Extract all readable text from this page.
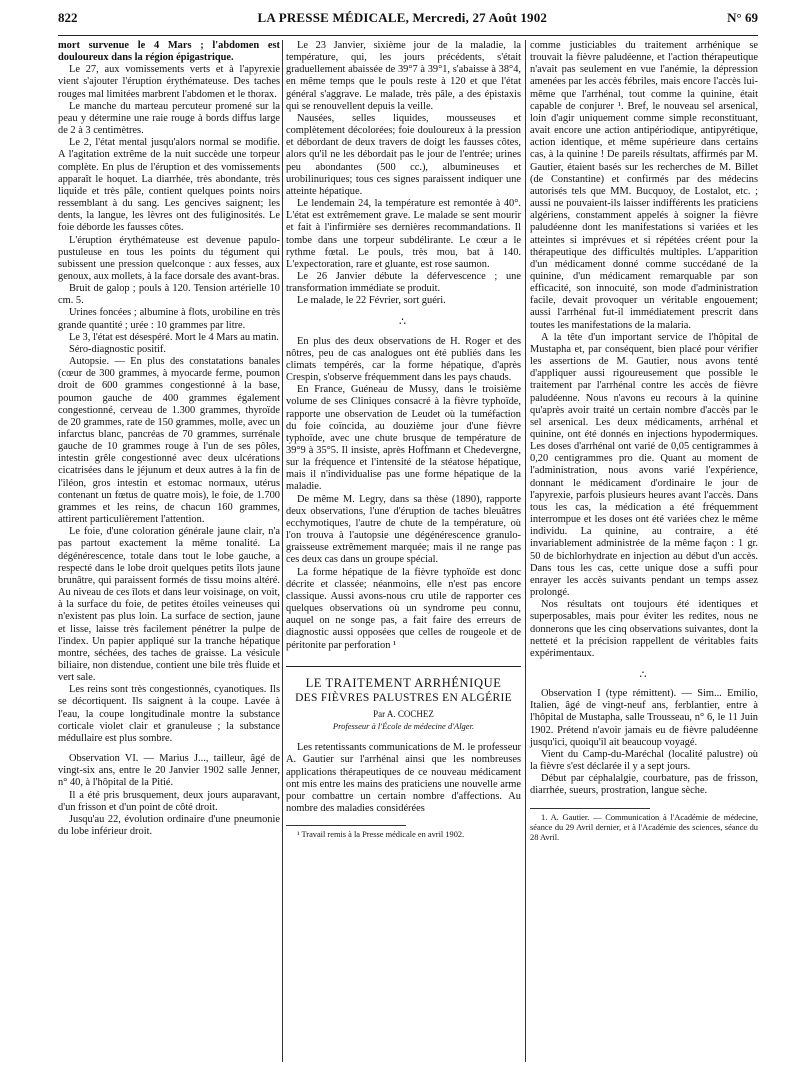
822	LA PRESSE MÉDICALE, Mercredi, 27 Août 1902	N° 69

mort survenue le 4 Mars ; l'abdomen est douloureux dans la région épigastrique.

Le 27, aux vomissements verts et à l'apyrexie vient s'ajouter l'éruption érythémateuse. Des taches rouges mal limitées marbrent l'abdomen et le thorax.

Le manche du marteau percuteur promené sur la peau y détermine une raie rouge à bords diffus large de 2 à 3 centimètres.

Le 2, l'état mental jusqu'alors normal se modifie. A l'agitation extrême de la nuit succède une torpeur complète. En plus de l'éruption et des vomissements apparaît le hoquet. La diarrhée, très abondante, très liquide et très pâle, contient quelques points noirs ressemblant à du sang. Les gencives saignent; les dents, la langue, les lèvres ont des fuliginosités. Le foie déborde les fausses côtes.

L'éruption érythémateuse est devenue papulo-pustuleuse en tous les points du tégument qui subissent une pression quelconque : aux fesses, aux genoux, aux mollets, à la face dorsale des avant-bras.

Bruit de galop ; pouls à 120. Tension artérielle 10 cm. 5.

Urines foncées ; albumine à flots, urobiline en très grande quantité ; urée : 10 grammes par litre.

Le 3, l'état est désespéré. Mort le 4 Mars au matin.

Séro-diagnostic positif.

Autopsie. — En plus des constatations banales (cœur de 300 grammes, à myocarde ferme, poumon droit de 600 grammes congestionné à la base, poumon gauche de 400 grammes également congestionné, cerveau de 1.300 grammes, thyroïde de 20 grammes, rate de 150 grammes, molle, avec un infarctus blanc, pancréas de 70 grammes, surrénale gauche de 10 grammes rouge à l'un de ses pôles, intestin grêle congestionné avec deux ulcérations cicatrisées dans le jéjunum et deux autres à la fin de l'iléon, gros intestin et estomac normaux, utérus contenant un fœtus de quatre mois), le foie, de 1.700 grammes et les reins, de chacun 160 grammes, attirent particulièrement l'attention.

Le foie, d'une coloration générale jaune clair, n'a pas partout exactement la même tonalité. La dégénérescence, totale dans tout le lobe gauche, a respecté dans le lobe droit quelques petits îlots jaune brunâtre, qui paraissent formés de tissu moins altéré. Au niveau de ces îlots et dans leur voisinage, on voit, à la surface du foie, de petites étoiles veineuses qui n'existent pas plus loin. La surface de section, jaune et lisse, laisse très facilement pénétrer la pulpe de l'index. Un papier appliqué sur la tranche hépatique montre, séchées, des taches de graisse. La vésicule biliaire, non distendue, contient une bile très fluide et vert sale.

Les reins sont très congestionnés, cyanotiques. Ils se décortiquent. Ils saignent à la coupe. Lavée à l'eau, la coupe longitudinale montre la substance corticale violet clair et granuleuse ; la substance médullaire est plus sombre.

Observation VI. — Marius J..., tailleur, âgé de vingt-six ans, entre le 20 Janvier 1902 salle Jenner, n° 40, à l'hôpital de la Pitié.

Il a été pris brusquement, deux jours auparavant, d'un frisson et d'un point de côté droit.

Jusqu'au 22, évolution ordinaire d'une pneumonie du lobe inférieur droit.

Le 23 Janvier, sixième jour de la maladie, la température, qui, les jours précédents, s'était graduellement abaissée de 39°7 à 39°1, s'abaisse à 38°4, en même temps que le pouls reste à 120 et que l'état général s'aggrave. Le malade, très pâle, a des épistaxis qui se renouvellent depuis la veille.

Nausées, selles liquides, mousseuses et complètement décolorées; foie douloureux à la pression et débordant de deux travers de doigt les fausses côtes, alors qu'il ne les débordait pas le jour de l'entrée; urines peu abondantes (500 cc.), albumineuses et urobilinuriques; tous ces signes paraissent indiquer une atteinte hépatique.

Le lendemain 24, la température est remontée à 40°. L'état est extrêmement grave. Le malade se sent mourir et fait à l'infirmière ses dernières recommandations. Il tombe dans une torpeur subdélirante. Le cœur a le rythme fœtal. Le pouls, très mou, bat à 140. L'expectoration, rare et gluante, est rose saumon.

Le 26 Janvier débute la défervescence ; une transformation immédiate se produit.

Le malade, le 22 Février, sort guéri.

∴

En plus des deux observations de H. Roger et des nôtres, peu de cas analogues ont été publiés dans les climats tempérés, car la forme hépatique, d'après Crespin, s'observe fréquemment dans les pays chauds.

En France, Guéneau de Mussy, dans le troisième volume de ses Cliniques consacré à la fièvre typhoïde, rapporte une observation de Leudet où la tuméfaction du foie coïncida, au douzième jour d'une fièvre typhoïde, avec une chute brusque de température de 39°9 à 35°5. Il insiste, après Hoffmann et Chedevergne, sur la fréquence et l'intensité de la stéatose hépatique, mais il n'individualise pas une forme hépatique de la maladie.

De même M. Legry, dans sa thèse (1890), rapporte deux observations, l'une d'éruption de taches bleuâtres ecchymotiques, l'autre de chute de la température, où l'on trouva à l'autopsie une dégénérescence granulo-graisseuse extrêmement marquée; mais il ne range pas ces deux cas dans un groupe spécial.

La forme hépatique de la fièvre typhoïde est donc décrite et classée; néanmoins, elle n'est pas encore classique. Aussi avons-nous cru utile de rapporter ces quelques observations où un syndrome peu connu, auquel on ne songe pas, a fait faire des erreurs de diagnostic aussi opposées que celles de rougeole et de péritonite par perforation ¹

LE TRAITEMENT ARRHÉNIQUE
DES FIÈVRES PALUSTRES EN ALGÉRIE
Par A. COCHEZ
Professeur à l'École de médecine d'Alger.

Les retentissants communications de M. le professeur A. Gautier sur l'arrhénal ainsi que les nombreuses applications thérapeutiques de ce nouveau médicament ont mis entre les mains des praticiens une nouvelle arme pour combattre un certain nombre d'affections. Au nombre des maladies considérées

¹ Travail remis à la Presse médicale en avril 1902.

comme justiciables du traitement arrhénique se trouvait la fièvre paludéenne, et l'action thérapeutique n'avait pas seulement en vue l'anémie, la dépression amenées par les accès fébriles, mais encore l'accès lui-même que l'arrhénal, tout comme la quinine, était capable de conjurer ¹. Bref, le nouveau sel arsenical, loin d'agir uniquement comme simple reconstituant, avait encore une action antipériodique, antipyrétique, action identique, et même supérieure dans certains cas, à la quinine ! De pareils résultats, affirmés par M. Gautier, étaient basés sur les recherches de M. Billet (de Constantine) et confirmés par des médecins autorisés tels que MM. Bucquoy, de Lostalot, etc. ; aussi ne pouvaient-ils laisser indifférents les praticiens algériens, constamment appelés à soigner la fièvre paludéenne dont les manifestations si variées et les atteintes si imprévues et si répétées créent pour la thérapeutique des difficultés multiples. L'apparition d'un médicament donné comme succédané de la quinine, d'un médicament remarquable par son efficacité, son innocuité, son mode d'administration facile, devait provoquer un véritable engouement; aussi l'arrhénal fut-il immédiatement prescrit dans toutes les manifestations de la malaria.

A la tête d'un important service de l'hôpital de Mustapha et, par conséquent, bien placé pour vérifier les assertions de M. Gautier, nous avons tenté d'appliquer aussi rigoureusement que possible le traitement par l'arrhénal contre les accès de fièvre paludéenne. Nous n'avons eu recours à la quinine qu'après avoir traité un certain nombre d'accès par le sel arsenical. Les deux médicaments, arrhénal et quinine, ont été donnés en injections hypodermiques. Les doses d'arrhénal ont varié de 0,05 centigrammes à 0,20 centigrammes pro die. Quant au moment de l'administration, nous avons varié l'expérience, donnant le médicament d'ordinaire le jour de l'apyrexie, parfois plusieurs heures avant l'accès. Dans tous les cas, la médication a été fréquemment interrompue et les doses ont été variées chez le même individu. La quinine, au contraire, a été invariablement administrée de la même façon : 1 gr. 50 de bichlorhydrate en injection au début d'un accès. Dans tous les cas, cette unique dose a suffi pour enrayer les accès suivants pendant un temps assez prolongé.

Nos résultats ont toujours été identiques et superposables, mais pour éviter les redites, nous ne donnerons que les cinq observations suivantes, dont la netteté et la précision rappellent de véritables faits expérimentaux.

∴

Observation I (type rémittent). — Sim... Emilio, Italien, âgé de vingt-neuf ans, ferblantier, entre à l'hôpital de Mustapha, salle Trousseau, n° 6, le 11 Juin 1902. Prétend n'avoir jamais eu de fièvre paludéenne jusqu'ici, quoiqu'il ait beaucoup voyagé.

Vient du Camp-du-Maréchal (localité palustre) où la fièvre s'est déclarée il y a sept jours.

Début par céphalalgie, courbature, pas de frisson, diarrhée, sueurs, prostration, langue sèche.

1. A. Gautier. — Communication à l'Académie de médecine, séance du 29 Avril dernier, et à l'Académie des sciences, séance du 28 Avril.
